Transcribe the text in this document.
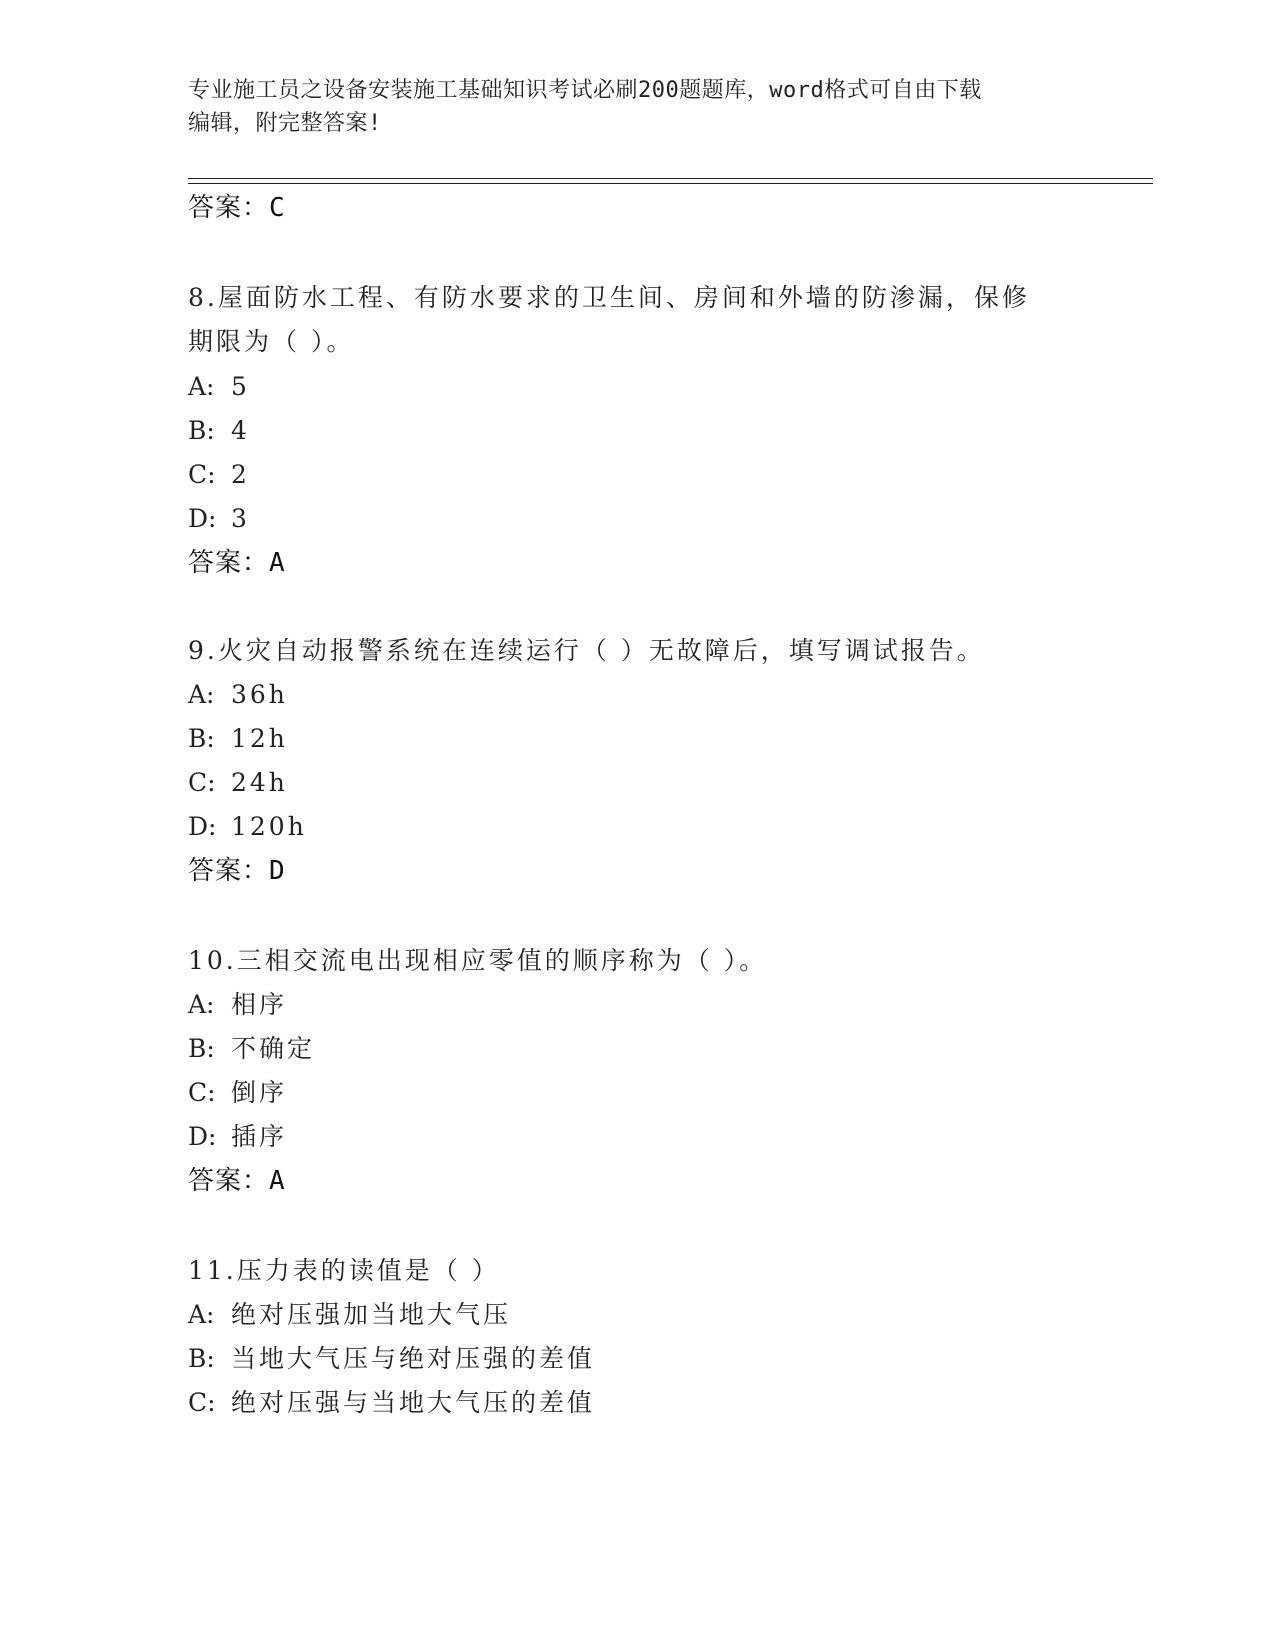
专业施工员之设备安装施工基础知识考试必刷200题题库，word格式可自由下载
编辑，附完整答案!
答案：C
8.屋面防水工程、有防水要求的卫生间、房间和外墙的防渗漏，保修
期限为（ ）。
A: 5
B: 4
C: 2
D: 3
答案：A
9.火灾自动报警系统在连续运行（ ）无故障后，填写调试报告。
A: 36h
B: 12h
C: 24h
D: 120h
答案：D
10.三相交流电出现相应零值的顺序称为（ ）。
A: 相序
B: 不确定
C: 倒序
D: 插序
答案：A
11.压力表的读值是（ ）
A: 绝对压强加当地大气压
B: 当地大气压与绝对压强的差值
C: 绝对压强与当地大气压的差值
